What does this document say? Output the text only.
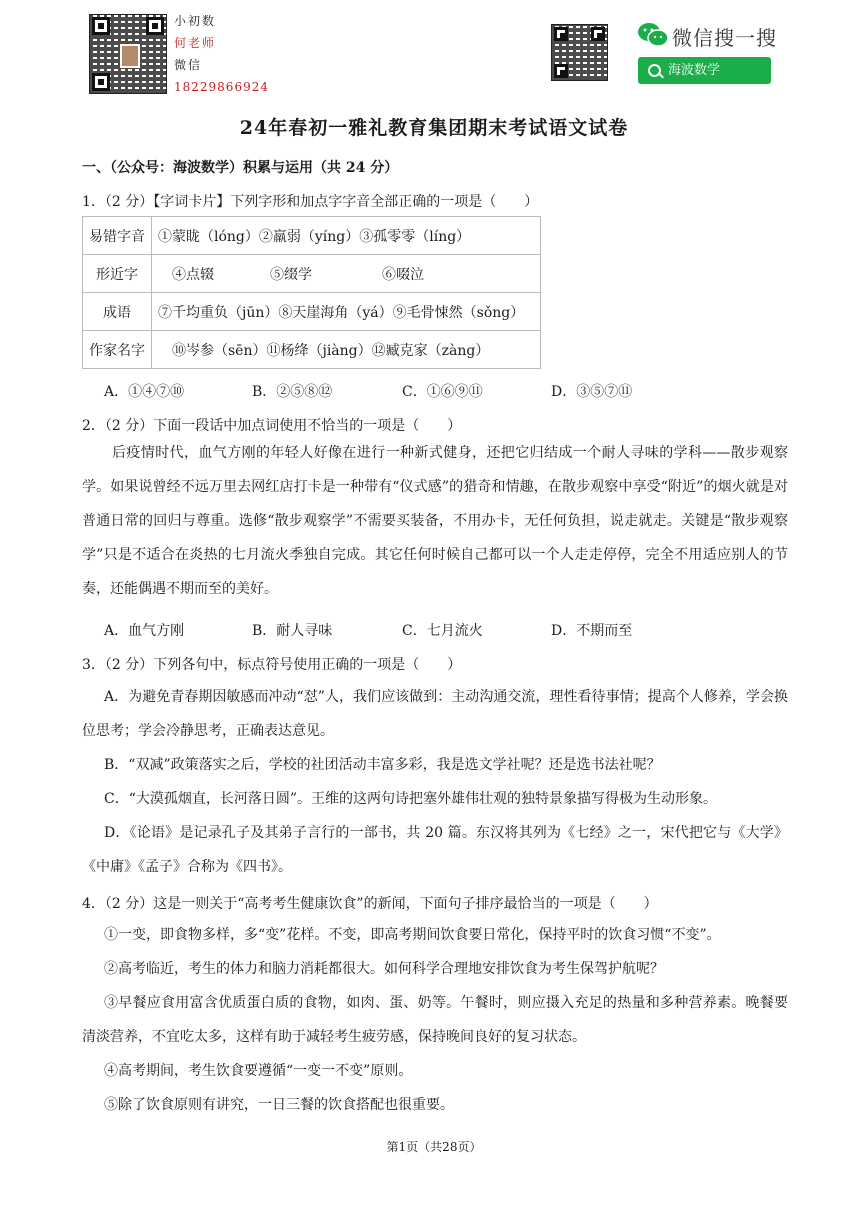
小初数
何老师
微信
18229866924
微信搜一搜
海波数学
24年春初一雅礼教育集团期末考试语文试卷
一、（公众号：海波数学）积累与运用（共 24 分）
1．（2 分）【字词卡片】下列字形和加点字字音全部正确的一项是（　　）
易错字音	①蒙眬（lóng）②羸弱（yíng）③孤零零（líng）
形近字	　④点辍　　　　⑤缀学　　　　　⑥啜泣
成语	⑦千均重负（jūn）⑧天崖海角（yá）⑨毛骨悚然（sǒng）
作家名字	　⑩岑参（sēn）⑪杨绛（jiàng）⑫臧克家（zàng）
A．①④⑦⑩	B．②⑤⑧⑫	C．①⑥⑨⑪	D．③⑤⑦⑪
2．（2 分）下面一段话中加点词使用不恰当的一项是（　　）
后疫情时代，血气方刚的年轻人好像在进行一种新式健身，还把它归结成一个耐人寻味的学科——散步观察学。如果说曾经不远万里去网红店打卡是一种带有“仪式感”的猎奇和情趣，在散步观察中享受“附近”的烟火就是对普通日常的回归与尊重。选修“散步观察学”不需要买装备，不用办卡，无任何负担，说走就走。关键是“散步观察学”只是不适合在炎热的七月流火季独自完成。其它任何时候自己都可以一个人走走停停，完全不用适应别人的节奏，还能偶遇不期而至的美好。
A．血气方刚	B．耐人寻味	C．七月流火	D．不期而至
3．（2 分）下列各句中，标点符号使用正确的一项是（　　）
A．为避免青春期因敏感而冲动“怼”人，我们应该做到：主动沟通交流，理性看待事情；提高个人修养，学会换位思考；学会冷静思考，正确表达意见。
B．“双减”政策落实之后，学校的社团活动丰富多彩，我是选文学社呢？还是选书法社呢？
C．“大漠孤烟直，长河落日圆”。王维的这两句诗把塞外雄伟壮观的独特景象描写得极为生动形象。
D．《论语》是记录孔子及其弟子言行的一部书，共 20 篇。东汉将其列为《七经》之一，宋代把它与《大学》《中庸》《孟子》合称为《四书》。
4．（2 分）这是一则关于“高考考生健康饮食”的新闻，下面句子排序最恰当的一项是（　　）
①一变，即食物多样，多“变”花样。不变，即高考期间饮食要日常化，保持平时的饮食习惯“不变”。
②高考临近，考生的体力和脑力消耗都很大。如何科学合理地安排饮食为考生保驾护航呢？
③早餐应食用富含优质蛋白质的食物，如肉、蛋、奶等。午餐时，则应摄入充足的热量和多种营养素。晚餐要清淡营养，不宜吃太多，这样有助于减轻考生疲劳感，保持晚间良好的复习状态。
④高考期间，考生饮食要遵循“一变一不变”原则。
⑤除了饮食原则有讲究，一日三餐的饮食搭配也很重要。
第1页（共28页）
